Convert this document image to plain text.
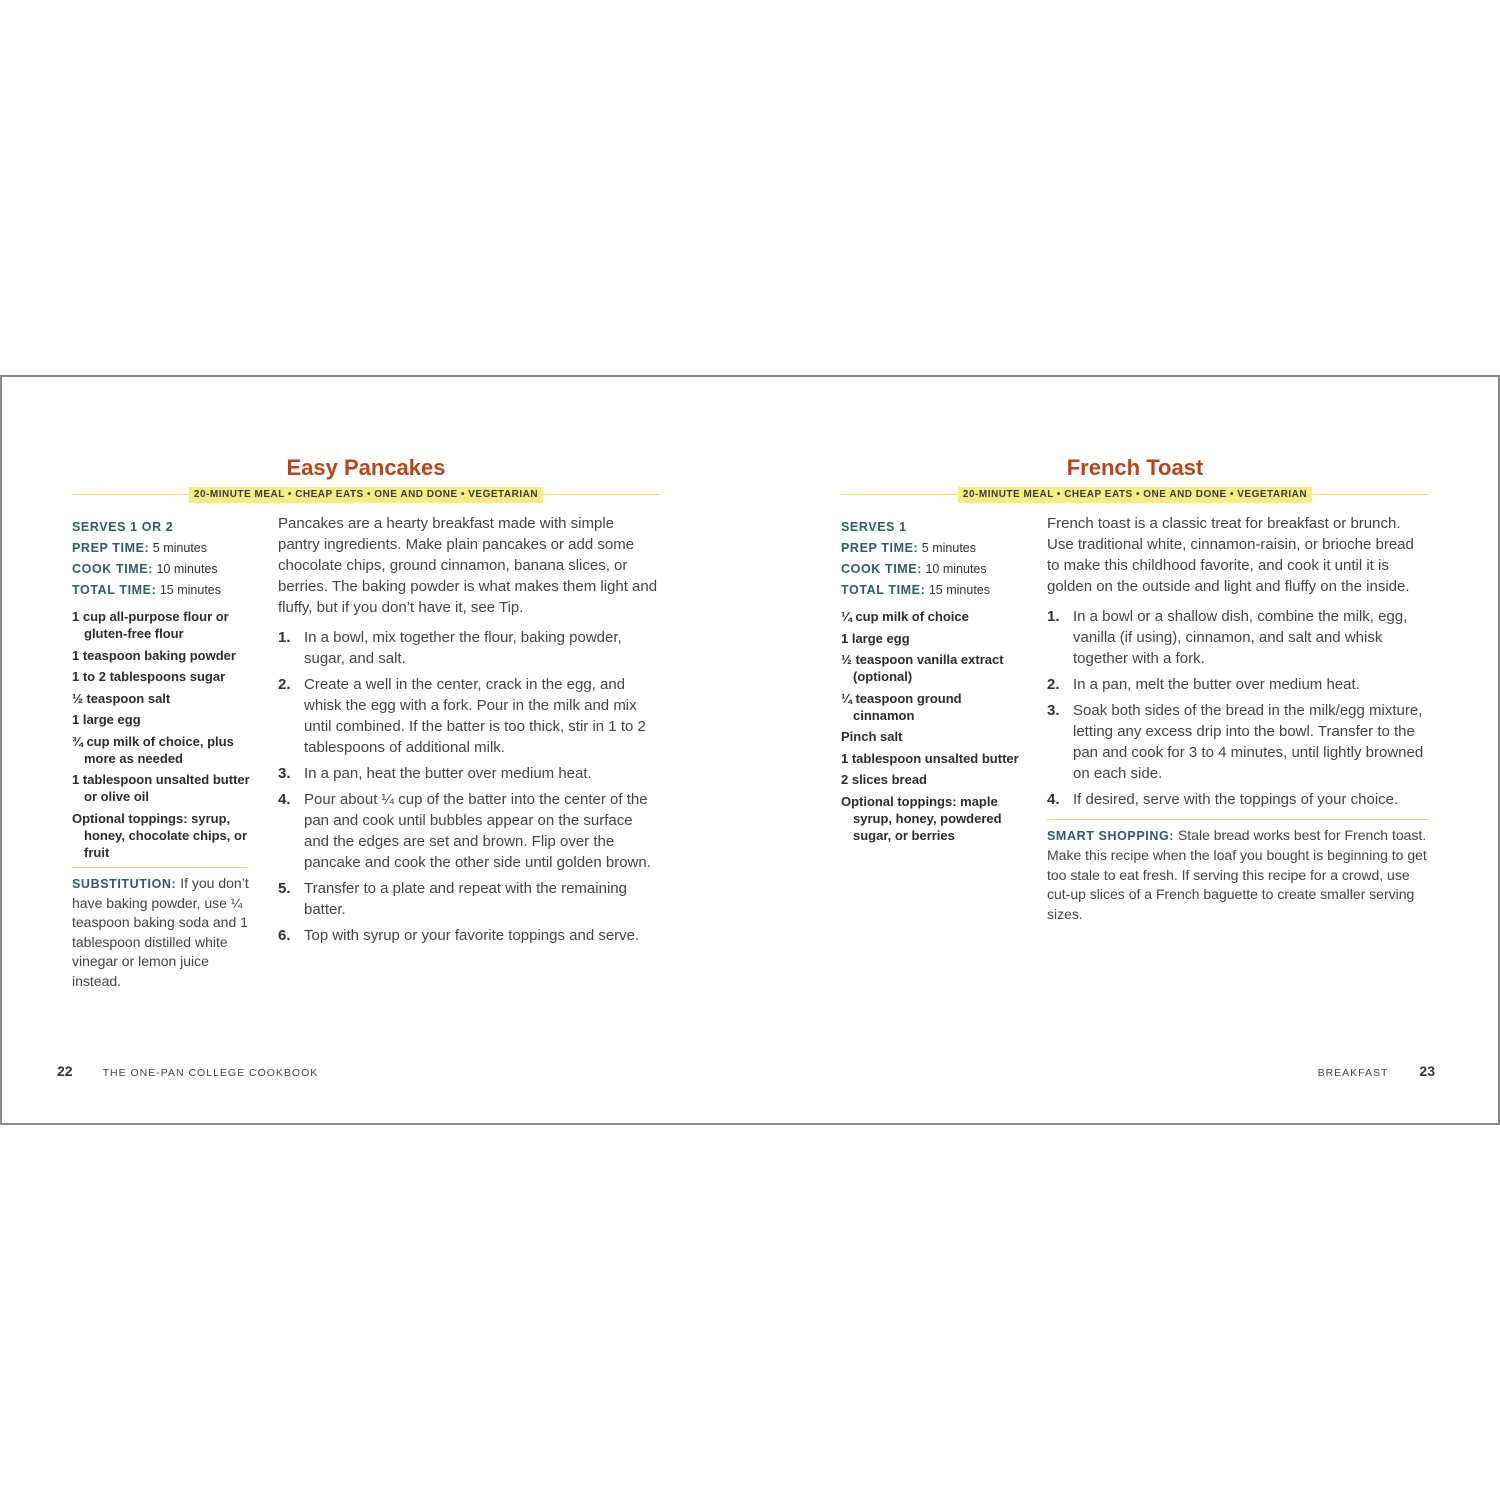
Easy Pancakes
20-MINUTE MEAL • CHEAP EATS • ONE AND DONE • VEGETARIAN
SERVES 1 OR 2
PREP TIME: 5 minutes
COOK TIME: 10 minutes
TOTAL TIME: 15 minutes
1 cup all-purpose flour or gluten-free flour
1 teaspoon baking powder
1 to 2 tablespoons sugar
½ teaspoon salt
1 large egg
¾ cup milk of choice, plus more as needed
1 tablespoon unsalted butter or olive oil
Optional toppings: syrup, honey, chocolate chips, or fruit

SUBSTITUTION: If you don’t have baking powder, use ¼ teaspoon baking soda and 1 tablespoon distilled white vinegar or lemon juice instead.

Pancakes are a hearty breakfast made with simple pantry ingredients. Make plain pancakes or add some chocolate chips, ground cinnamon, banana slices, or berries. The baking powder is what makes them light and fluffy, but if you don’t have it, see Tip.

1. In a bowl, mix together the flour, baking powder, sugar, and salt.
2. Create a well in the center, crack in the egg, and whisk the egg with a fork. Pour in the milk and mix until combined. If the batter is too thick, stir in 1 to 2 tablespoons of additional milk.
3. In a pan, heat the butter over medium heat.
4. Pour about ¼ cup of the batter into the center of the pan and cook until bubbles appear on the surface and the edges are set and brown. Flip over the pancake and cook the other side until golden brown.
5. Transfer to a plate and repeat with the remaining batter.
6. Top with syrup or your favorite toppings and serve.
22	THE ONE-PAN COLLEGE COOKBOOK
French Toast
20-MINUTE MEAL • CHEAP EATS • ONE AND DONE • VEGETARIAN
SERVES 1
PREP TIME: 5 minutes
COOK TIME: 10 minutes
TOTAL TIME: 15 minutes
¼ cup milk of choice
1 large egg
½ teaspoon vanilla extract (optional)
¼ teaspoon ground cinnamon
Pinch salt
1 tablespoon unsalted butter
2 slices bread
Optional toppings: maple syrup, honey, powdered sugar, or berries

French toast is a classic treat for breakfast or brunch. Use traditional white, cinnamon-raisin, or brioche bread to make this childhood favorite, and cook it until it is golden on the outside and light and fluffy on the inside.

1. In a bowl or a shallow dish, combine the milk, egg, vanilla (if using), cinnamon, and salt and whisk together with a fork.
2. In a pan, melt the butter over medium heat.
3. Soak both sides of the bread in the milk/egg mixture, letting any excess drip into the bowl. Transfer to the pan and cook for 3 to 4 minutes, until lightly browned on each side.
4. If desired, serve with the toppings of your choice.

SMART SHOPPING: Stale bread works best for French toast. Make this recipe when the loaf you bought is beginning to get too stale to eat fresh. If serving this recipe for a crowd, use cut-up slices of a French baguette to create smaller serving sizes.

BREAKFAST 23
